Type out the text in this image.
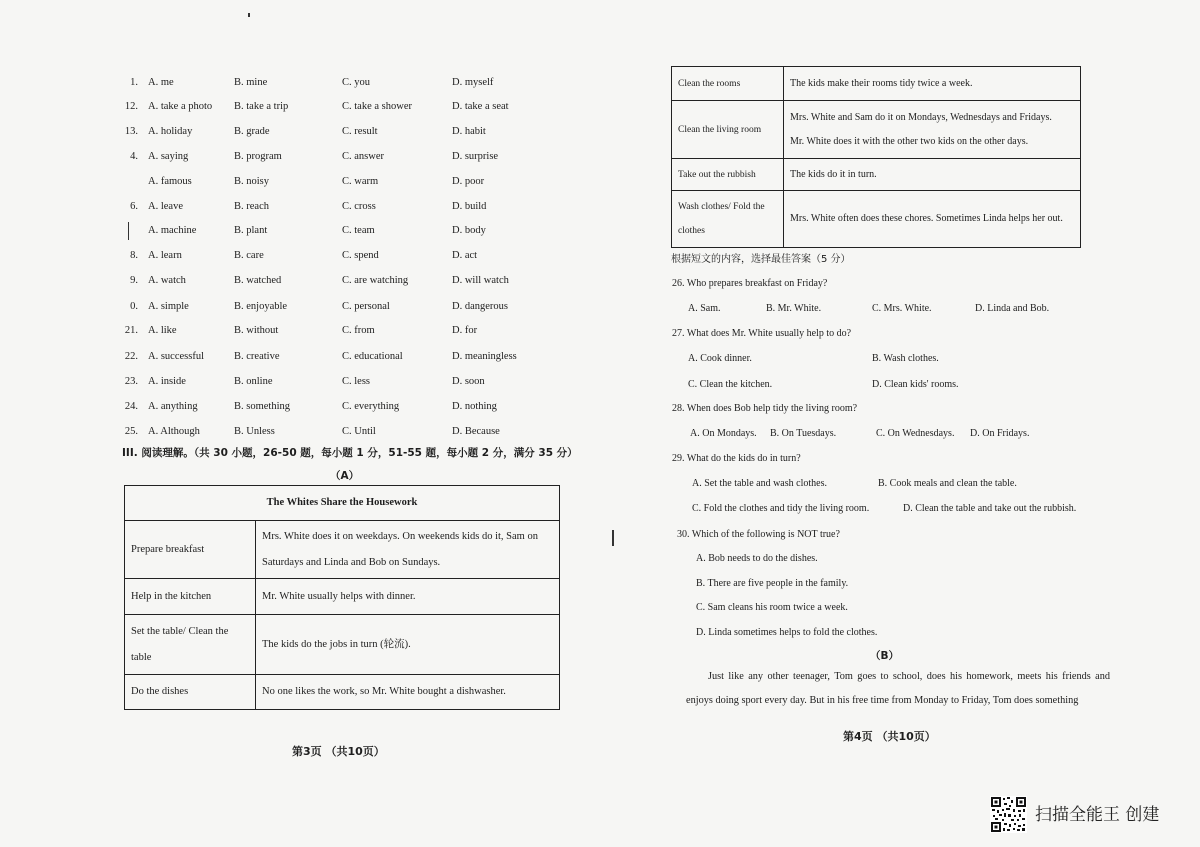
1. A. me	B. mine	C. you	D. myself
12. A. take a photo B. take a trip	C. take a shower	D. take a seat
13. A. holiday	B. grade	C. result	D. habit
4. A. saying	B. program	C. answer	D. surprise
A. famous	B. noisy	C. warm	D. poor
6. A. leave	B. reach	C. cross	D. build
A. machine	B. plant	C. team	D. body
8. A. learn	B. care	C. spend	D. act
9. A. watch	B. watched	C. are watching	D. will watch
0. A. simple	B. enjoyable	C. personal	D. dangerous
21. A. like	B. without	C. from	D. for
22. A. successful	B. creative	C. educational	D. meaningless
23. A. inside	B. online	C. less	D. soon
24. A. anything	B. something	C. everything	D. nothing
25. A. Although	B. Unless	C. Until	D. Because
III. 阅读理解。（共 30 小题，26-50 题，每小题 1 分，51-55 题，每小题 2 分，满分 35 分）
（A）
The Whites Share the Housework	
Prepare breakfast	Mrs. White does it on weekdays. On weekends kids do it, Sam on Saturdays and Linda and Bob on Sundays.
Help in the kitchen	Mr. White usually helps with dinner.
Set the table/ Clean the table	The kids do the jobs in turn (轮流).
Do the dishes	No one likes the work, so Mr. White bought a dishwasher.
第3页 （共10页）
Clean the rooms	The kids make their rooms tidy twice a week.
Clean the living room	Mrs. White and Sam do it on Mondays, Wednesdays and Fridays.
Mr. White does it with the other two kids on the other days.

Take out the rubbish	The kids do it in turn.
Wash clothes/ Fold the clothes	Mrs. White often does these chores. Sometimes Linda helps her out.
根据短文的内容，选择最佳答案（5 分）
26. Who prepares breakfast on Friday?
A. Sam.	B. Mr. White.	C. Mrs. White.	D. Linda and Bob.
27. What does Mr. White usually help to do?
A. Cook dinner.	B. Wash clothes.
C. Clean the kitchen.	D. Clean kids' rooms.
28. When does Bob help tidy the living room?
A. On Mondays. B. On Tuesdays.	C. On Wednesdays. D. On Fridays.
29. What do the kids do in turn?
A. Set the table and wash clothes.	B. Cook meals and clean the table.
C. Fold the clothes and tidy the living room.	D. Clean the table and take out the rubbish.
30. Which of the following is NOT true?
A. Bob needs to do the dishes.
B. There are five people in the family.
C. Sam cleans his room twice a week.
D. Linda sometimes helps to fold the clothes.
（B）
Just like any other teenager, Tom goes to school, does his homework, meets his friends and enjoys doing sport every day. But in his free time from Monday to Friday, Tom does something
第4页 （共10页）
扫描全能王 创建
